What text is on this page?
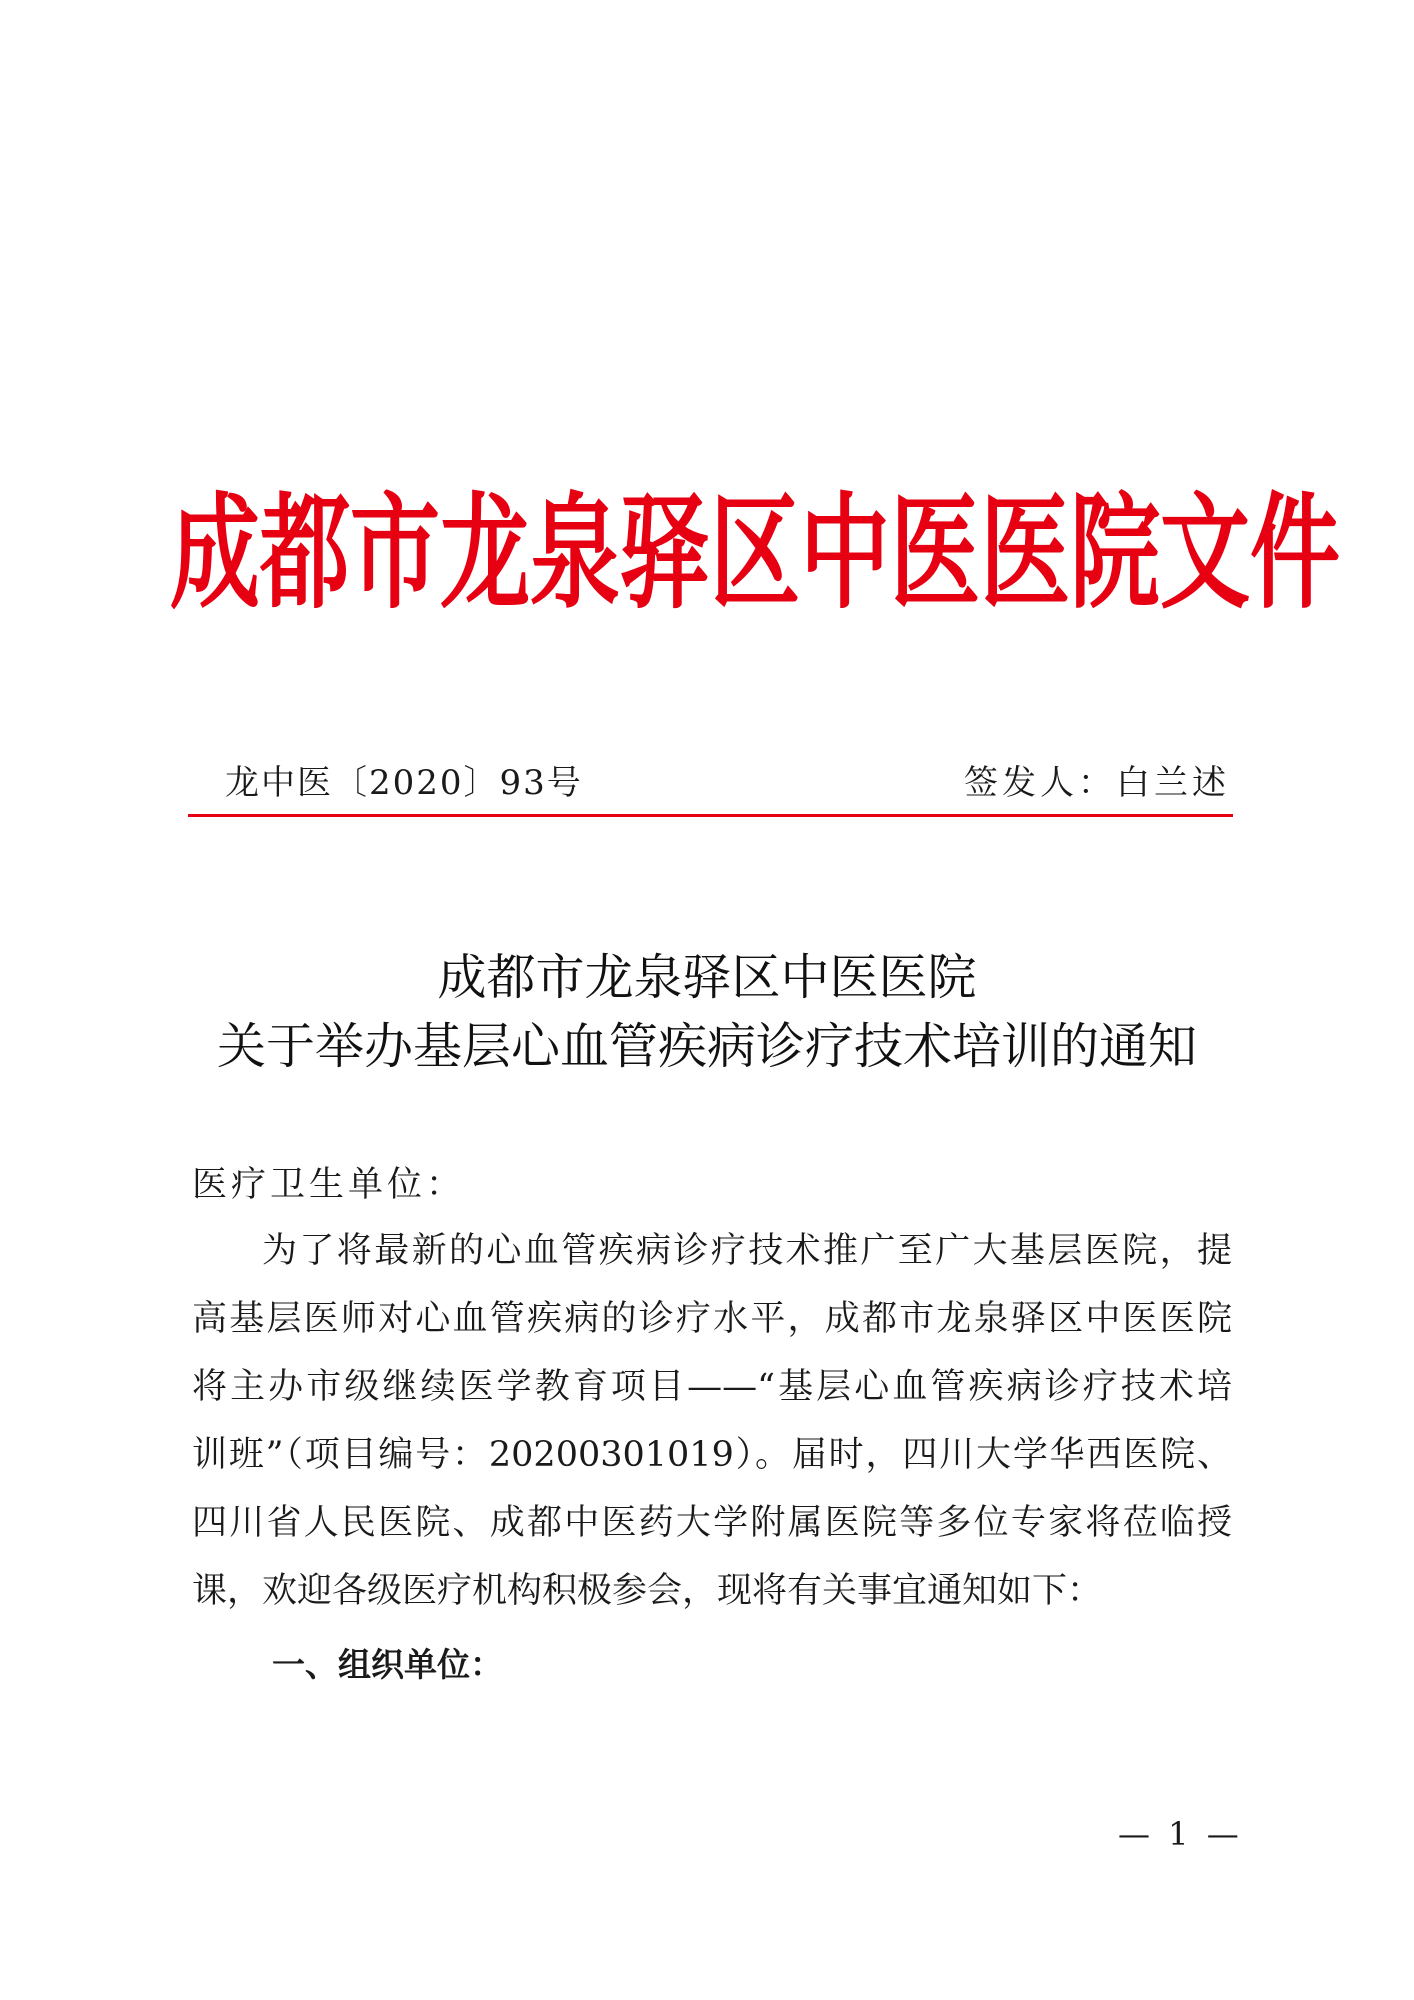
成都市龙泉驿区中医医院文件
龙中医〔2020〕93号	签发人：白兰述
成都市龙泉驿区中医医院
关于举办基层心血管疾病诊疗技术培训的通知
医疗卫生单位：
为了将最新的心血管疾病诊疗技术推广至广大基层医院，提
高基层医师对心血管疾病的诊疗水平，成都市龙泉驿区中医医院
将主办市级继续医学教育项目——“基层心血管疾病诊疗技术培
训班”（项目编号：20200301019）。届时，四川大学华西医院、
四川省人民医院、成都中医药大学附属医院等多位专家将莅临授
课，欢迎各级医疗机构积极参会，现将有关事宜通知如下：
一、组织单位：
— 1 —
